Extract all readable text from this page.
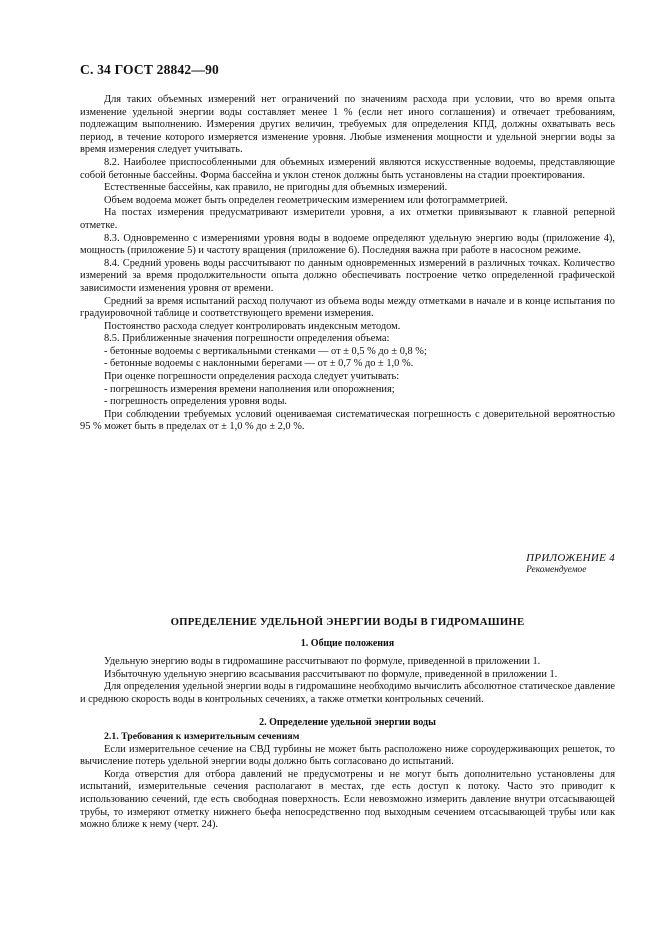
С. 34 ГОСТ 28842—90

Для таких объемных измерений нет ограничений по значениям расхода при условии, что во время опыта изменение удельной энергии воды составляет менее 1 % (если нет иного соглашения) и отвечает требованиям, подлежащим выполнению. Измерения других величин, требуемых для определения КПД, должны охватывать весь период, в течение которого измеряется изменение уровня. Любые изменения мощности и удельной энергии воды за время измерения следует учитывать.

8.2. Наиболее приспособленными для объемных измерений являются искусственные водоемы, представляющие собой бетонные бассейны. Форма бассейна и уклон стенок должны быть установлены на стадии проектирования.

Естественные бассейны, как правило, не пригодны для объемных измерений.

Объем водоема может быть определен геометрическим измерением или фотограмметрией.

На постах измерения предусматривают измерители уровня, а их отметки привязывают к главной реперной отметке.

8.3. Одновременно с измерениями уровня воды в водоеме определяют удельную энергию воды (приложение 4), мощность (приложение 5) и частоту вращения (приложение 6). Последняя важна при работе в насосном режиме.

8.4. Средний уровень воды рассчитывают по данным одновременных измерений в различных точках. Количество измерений за время продолжительности опыта должно обеспечивать построение четко определенной графической зависимости изменения уровня от времени.

Средний за время испытаний расход получают из объема воды между отметками в начале и в конце испытания по градуировочной таблице и соответствующего времени измерения.

Постоянство расхода следует контролировать индексным методом.

8.5. Приближенные значения погрешности определения объема:

- бетонные водоемы с вертикальными стенками — от ± 0,5 % до ± 0,8 %;

- бетонные водоемы с наклонными берегами — от ± 0,7 % до ± 1,0 %.

При оценке погрешности определения расхода следует учитывать:

- погрешность измерения времени наполнения или опорожнения;

- погрешность определения уровня воды.

При соблюдении требуемых условий оцениваемая систематическая погрешность с доверительной вероятностью 95 % может быть в пределах от ± 1,0 % до ± 2,0 %.

ПРИЛОЖЕНИЕ 4
Рекомендуемое
ОПРЕДЕЛЕНИЕ УДЕЛЬНОЙ ЭНЕРГИИ ВОДЫ В ГИДРОМАШИНЕ
1. Общие положения

Удельную энергию воды в гидромашине рассчитывают по формуле, приведенной в приложении 1.

Избыточную удельную энергию всасывания рассчитывают по формуле, приведенной в приложении 1.

Для определения удельной энергии воды в гидромашине необходимо вычислить абсолютное статическое давление и среднюю скорость воды в контрольных сечениях, а также отметки контрольных сечений.

2. Определение удельной энергии воды

2.1. Требования к измерительным сечениям

Если измерительное сечение на СВД турбины не может быть расположено ниже сороудерживающих решеток, то вычисление потерь удельной энергии воды должно быть согласовано до испытаний.

Когда отверстия для отбора давлений не предусмотрены и не могут быть дополнительно установлены для испытаний, измерительные сечения располагают в местах, где есть доступ к потоку. Часто это приводит к использованию сечений, где есть свободная поверхность. Если невозможно измерить давление внутри отсасывающей трубы, то измеряют отметку нижнего бьефа непосредственно под выходным сечением отсасывающей трубы или как можно ближе к нему (черт. 24).
